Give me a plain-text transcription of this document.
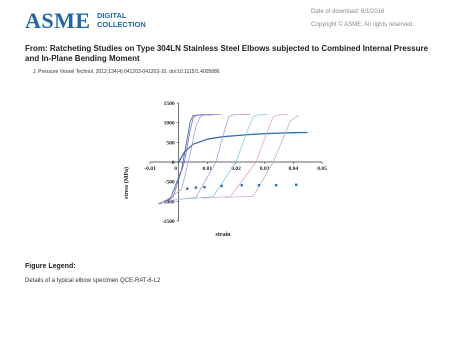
ASME DIGITAL
COLLECTION
Date of download: 6/1/2016
Copyright © ASME. All rights reserved.
From: Ratcheting Studies on Type 304LN Stainless Steel Elbows subjected to Combined Internal Pressure and In-Plane Bending Moment
J. Pressure Vessel Technol. 2012;134(4):041203-041203-10. doi:10.1115/1.4005886
-1500
-1000
-500
0
500
1000
1500
-0.01	0	0.01	0.02	0.03	0.04	0.05
stress (MPa)
strain
Figure Legend:
Details of a typical elbow specimen QCE-RAT-6-L2
